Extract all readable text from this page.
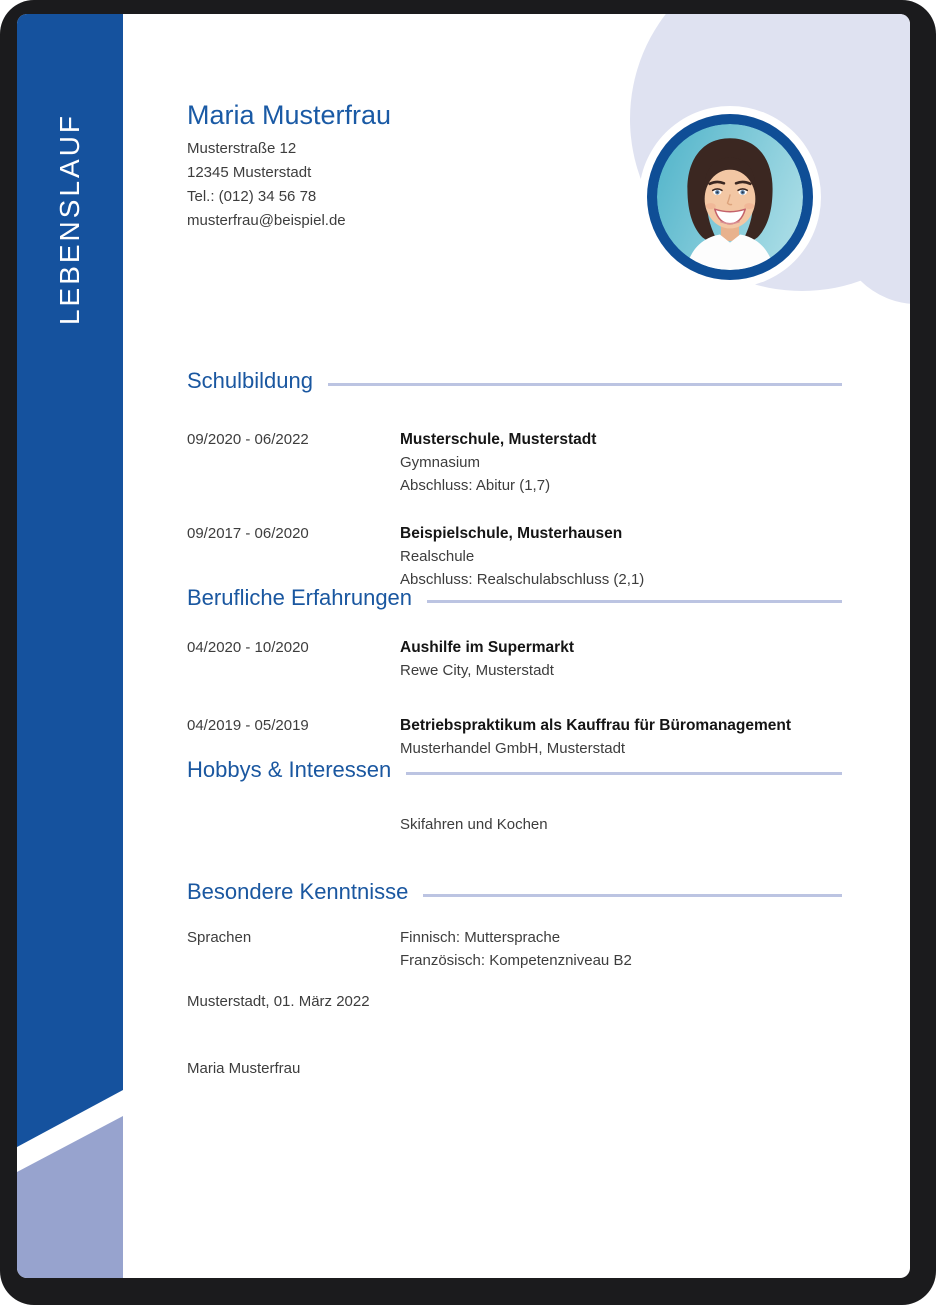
LEBENSLAUF	Maria Musterfrau
Musterstraße 12
12345 Musterstadt
Tel.: (012) 34 56 78
musterfrau@beispiel.de
Schulbildung
09/2020 - 06/2022	Musterschule, Musterstadt
Gymnasium
Abschluss: Abitur (1,7)
09/2017 - 06/2020	Beispielschule, Musterhausen
Realschule
Abschluss: Realschulabschluss (2,1)
Berufliche Erfahrungen
04/2020 - 10/2020	Aushilfe im Supermarkt
Rewe City, Musterstadt
04/2019 - 05/2019	Betriebspraktikum als Kauffrau für Büromanagement
Musterhandel GmbH, Musterstadt
Hobbys & Interessen
Skifahren und Kochen
Besondere Kenntnisse
Sprachen	Finnisch: Muttersprache
Französisch: Kompetenzniveau B2
Musterstadt, 01. März 2022
Maria Musterfrau
